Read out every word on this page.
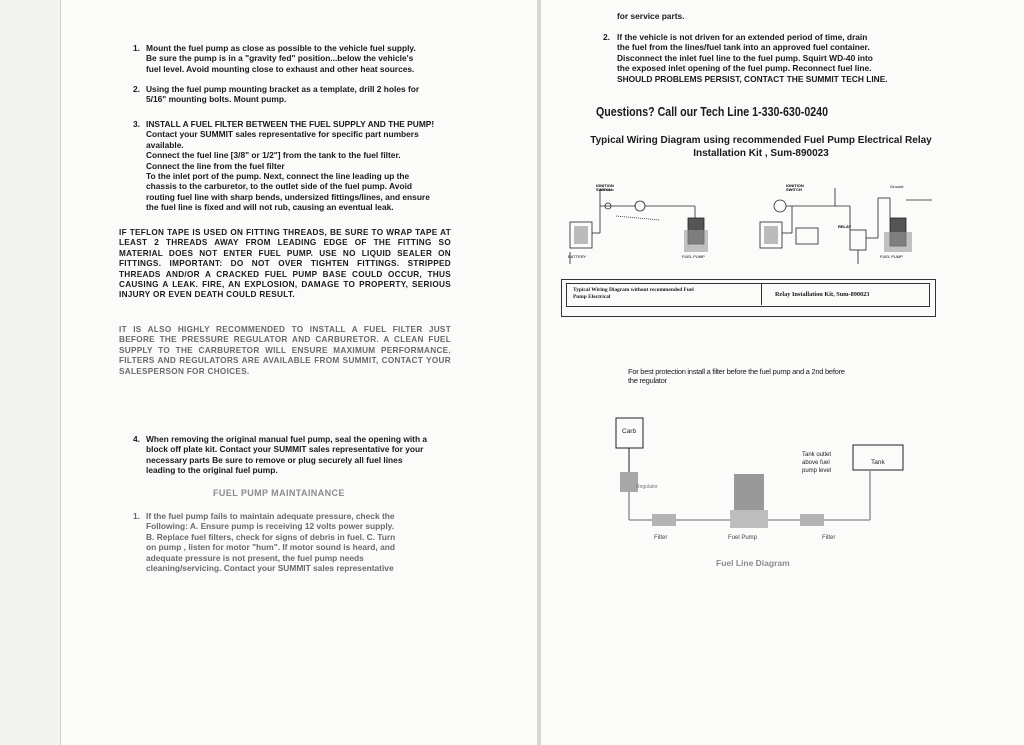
1. Mount the fuel pump as close as possible to the vehicle fuel supply.
Be sure the pump is in a "gravity fed" position...below the vehicle's
fuel level. Avoid mounting close to exhaust and other heat sources.
2. Using the fuel pump mounting bracket as a template, drill 2 holes for
5/16" mounting bolts. Mount pump.
3. INSTALL A FUEL FILTER BETWEEN THE FUEL SUPPLY AND THE PUMP!
Contact your SUMMIT sales representative for specific part numbers
available.
Connect the fuel line [3/8" or 1/2"] from the tank to the fuel filter.
Connect the line from the fuel filter
To the inlet port of the pump. Next, connect the line leading up the
chassis to the carburetor, to the outlet side of the fuel pump. Avoid
routing fuel line with sharp bends, undersized fittings/lines, and ensure
the fuel line is fixed and will not rub, causing an eventual leak.
IF TEFLON TAPE IS USED ON FITTING THREADS, BE SURE TO WRAP TAPE AT LEAST 2 THREADS AWAY FROM LEADING EDGE OF THE FITTING SO MATERIAL DOES NOT ENTER FUEL PUMP. USE NO LIQUID SEALER ON FITTINGS. IMPORTANT: DO NOT OVER TIGHTEN FITTINGS. STRIPPED THREADS AND/OR A CRACKED FUEL PUMP BASE COULD OCCUR, THUS CAUSING A LEAK. FIRE, AN EXPLOSION, DAMAGE TO PROPERTY, SERIOUS INJURY OR EVEN DEATH COULD RESULT.
IT IS ALSO HIGHLY RECOMMENDED TO INSTALL A FUEL FILTER JUST BEFORE THE PRESSURE REGULATOR AND CARBURETOR. A CLEAN FUEL SUPPLY TO THE CARBURETOR WILL ENSURE MAXIMUM PERFORMANCE. FILTERS AND REGULATORS ARE AVAILABLE FROM SUMMIT, CONTACT YOUR SALESPERSON FOR CHOICES.
4. When removing the original manual fuel pump, seal the opening with a
block off plate kit. Contact your SUMMIT sales representative for your
necessary parts Be sure to remove or plug securely all fuel lines
leading to the original fuel pump.
FUEL PUMP MAINTAINANCE
1. If the fuel pump fails to maintain adequate pressure, check the
Following: A. Ensure pump is receiving 12 volts power supply.
B. Replace fuel filters, check for signs of debris in fuel. C. Turn
on pump , listen for motor "hum". If motor sound is heard, and
adequate pressure is not present, the fuel pump needs
cleaning/servicing. Contact your SUMMIT sales representative
for service parts.
2. If the vehicle is not driven for an extended period of time, drain
the fuel from the lines/fuel tank into an approved fuel container.
Disconnect the inlet fuel line to the fuel pump. Squirt WD-40 into
the exposed inlet opening of the fuel pump. Reconnect fuel line.
SHOULD PROBLEMS PERSIST, CONTACT THE SUMMIT TECH LINE.
Questions? Call our Tech Line 1-330-630-0240
Typical Wiring Diagram using recommended Fuel Pump Electrical Relay
Installation Kit , Sum-890023
IGNITION
SWITCH
IGNITION
SWITCH
Ground
RELAY
BATTERY	FUEL PUMP	FUEL PUMP
Typical Wiring Diagram without recommended Fuel
Pump Electrical	Relay Installation Kit, Sum-890023
For best protection install a filter before the fuel pump and a 2nd before
the regulator
Carb
Regulator
Tank outlet
above fuel
pump level
Tank
Filter	Fuel Pump	Filter
Fuel Line Diagram
